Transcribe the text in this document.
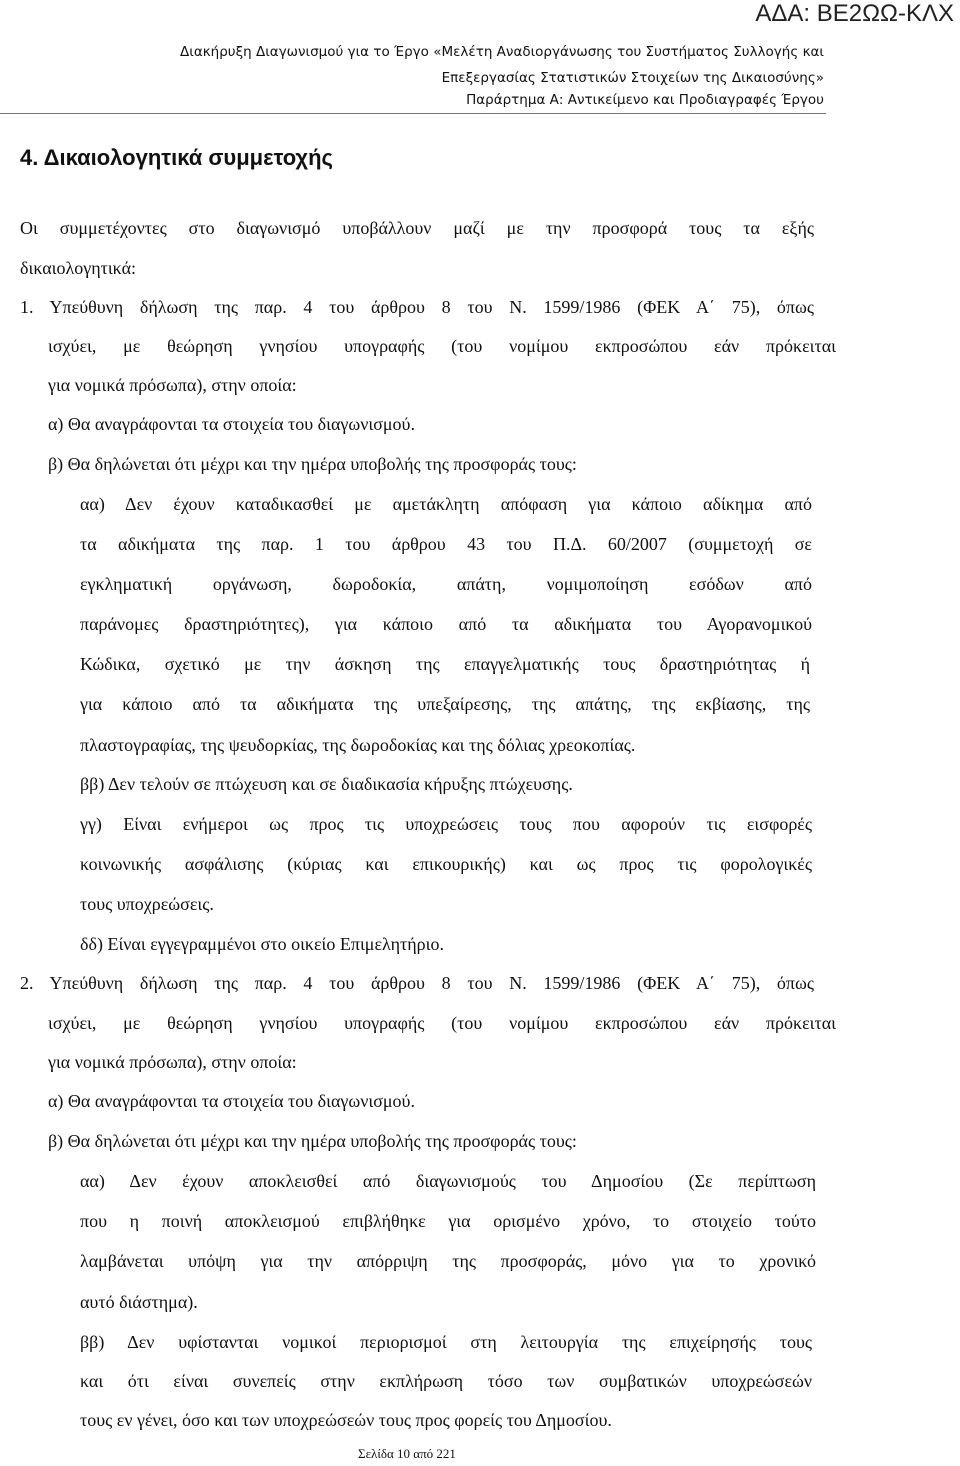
ΑΔΑ: ΒΕ2ΩΩ-ΚΛΧ
Διακήρυξη Διαγωνισμού για το Έργο «Μελέτη Αναδιοργάνωσης του Συστήματος Συλλογής και
Επεξεργασίας Στατιστικών Στοιχείων της Δικαιοσύνης»
Παράρτημα Α: Αντικείμενο και Προδιαγραφές Έργου
4. Δικαιολογητικά συμμετοχής
Οι συμμετέχοντες στο διαγωνισμό υποβάλλουν μαζί με την προσφορά τους τα εξής
δικαιολογητικά:
1. Υπεύθυνη δήλωση της παρ. 4 του άρθρου 8 του Ν. 1599/1986 (ΦΕΚ Α΄ 75), όπως
ισχύει, με θεώρηση γνησίου υπογραφής (του νομίμου εκπροσώπου εάν πρόκειται
για νομικά πρόσωπα), στην οποία:
α) Θα αναγράφονται τα στοιχεία του διαγωνισμού.
β) Θα δηλώνεται ότι μέχρι και την ημέρα υποβολής της προσφοράς τους:
αα) Δεν έχουν καταδικασθεί με αμετάκλητη απόφαση για κάποιο αδίκημα από
τα αδικήματα της παρ. 1 του άρθρου 43 του Π.Δ. 60/2007 (συμμετοχή σε
εγκληματική οργάνωση, δωροδοκία, απάτη, νομιμοποίηση εσόδων από
παράνομες δραστηριότητες), για κάποιο από τα αδικήματα του Αγορανομικού
Κώδικα, σχετικό με την άσκηση της επαγγελματικής τους δραστηριότητας ή
για κάποιο από τα αδικήματα της υπεξαίρεσης, της απάτης, της εκβίασης, της
πλαστογραφίας, της ψευδορκίας, της δωροδοκίας και της δόλιας χρεοκοπίας.
ββ) Δεν τελούν σε πτώχευση και σε διαδικασία κήρυξης πτώχευσης.
γγ) Είναι ενήμεροι ως προς τις υποχρεώσεις τους που αφορούν τις εισφορές
κοινωνικής ασφάλισης (κύριας και επικουρικής) και ως προς τις φορολογικές
τους υποχρεώσεις.
δδ) Είναι εγγεγραμμένοι στο οικείο Επιμελητήριο.
2. Υπεύθυνη δήλωση της παρ. 4 του άρθρου 8 του Ν. 1599/1986 (ΦΕΚ Α΄ 75), όπως
ισχύει, με θεώρηση γνησίου υπογραφής (του νομίμου εκπροσώπου εάν πρόκειται
για νομικά πρόσωπα), στην οποία:
α) Θα αναγράφονται τα στοιχεία του διαγωνισμού.
β) Θα δηλώνεται ότι μέχρι και την ημέρα υποβολής της προσφοράς τους:
αα) Δεν έχουν αποκλεισθεί από διαγωνισμούς του Δημοσίου (Σε περίπτωση
που η ποινή αποκλεισμού επιβλήθηκε για ορισμένο χρόνο, το στοιχείο τούτο
λαμβάνεται υπόψη για την απόρριψη της προσφοράς, μόνο για το χρονικό
αυτό διάστημα).
ββ) Δεν υφίστανται νομικοί περιορισμοί στη λειτουργία της επιχείρησής τους
και ότι είναι συνεπείς στην εκπλήρωση τόσο των συμβατικών υποχρεώσεών
τους εν γένει, όσο και των υποχρεώσεών τους προς φορείς του Δημοσίου.
Σελίδα 10 από 221
